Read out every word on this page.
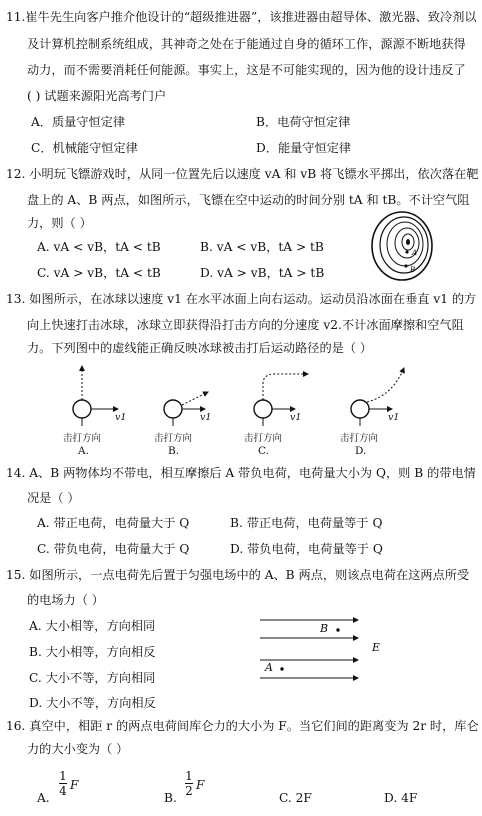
11.崔牛先生向客户推介他设计的“超级推进器”，该推进器由超导体、激光器、致冷剂以
及计算机控制系统组成，其神奇之处在于能通过自身的循环工作，源源不断地获得
动力，而不需要消耗任何能源。事实上，这是不可能实现的，因为他的设计违反了
( ) 试题来源阳光高考门户
A．质量守恒定律	B．电荷守恒定律
C．机械能守恒定律	D．能量守恒定律
12. 小明玩飞镖游戏时，从同一位置先后以速度 vA 和 vB 将飞镖水平掷出，依次落在靶
盘上的 A、B 两点，如图所示，飞镖在空中运动的时间分别 tA 和 tB。不计空气阻
力，则（ ）
A. vA < vB，tA < tB	B. vA < vB，tA > tB
C. vA > vB，tA < tB	D. vA > vB，tA > tB
A
B
13. 如图所示，在冰球以速度 v1 在水平冰面上向右运动。运动员沿冰面在垂直 v1 的方
向上快速打击冰球，冰球立即获得沿打击方向的分速度 v2.不计冰面摩擦和空气阻
力。下列图中的虚线能正确反映冰球被击打后运动路径的是（ ）
v1	v1	v1	v1
击打方向	击打方向	击打方向	击打方向
A.	B.	C.	D.
14. A、B 两物体均不带电，相互摩擦后 A 带负电荷，电荷量大小为 Q，则 B 的带电情
况是（ ）
A. 带正电荷，电荷量大于 Q	B. 带正电荷，电荷量等于 Q
C. 带负电荷，电荷量大于 Q	D. 带负电荷，电荷量等于 Q
15. 如图所示，一点电荷先后置于匀强电场中的 A、B 两点，则该点电荷在这两点所受
的电场力（ ）
A. 大小相等，方向相同
B. 大小相等，方向相反
C. 大小不等，方向相同
D. 大小不等，方向相反
B
A
E
16. 真空中，相距 r 的两点电荷间库仑力的大小为 F。当它们间的距离变为 2r 时，库仑
力的大小变为（ ）
A.
1
4 F
B.
1
2 F
C. 2F	D. 4F
